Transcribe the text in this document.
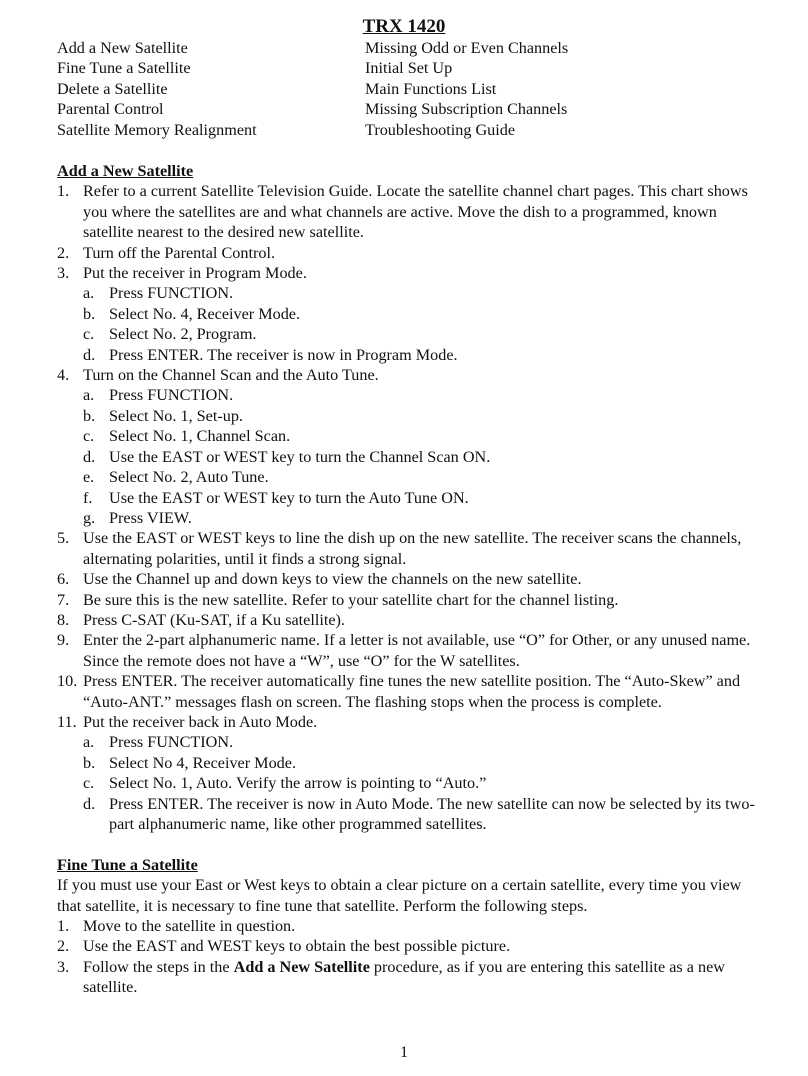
TRX 1420
Add a New Satellite	Missing Odd or Even Channels
Fine Tune a Satellite	Initial Set Up
Delete a Satellite	Main Functions List
Parental Control	Missing Subscription Channels
Satellite Memory Realignment	Troubleshooting Guide
Add a New Satellite
1. Refer to a current Satellite Television Guide. Locate the satellite channel chart pages. This chart shows you where the satellites are and what channels are active. Move the dish to a programmed, known satellite nearest to the desired new satellite.
2. Turn off the Parental Control.
3. Put the receiver in Program Mode.
a. Press FUNCTION.
b. Select No. 4, Receiver Mode.
c. Select No. 2, Program.
d. Press ENTER. The receiver is now in Program Mode.
4. Turn on the Channel Scan and the Auto Tune.
a. Press FUNCTION.
b. Select No. 1, Set-up.
c. Select No. 1, Channel Scan.
d. Use the EAST or WEST key to turn the Channel Scan ON.
e. Select No. 2, Auto Tune.
f. Use the EAST or WEST key to turn the Auto Tune ON.
g. Press VIEW.
5. Use the EAST or WEST keys to line the dish up on the new satellite. The receiver scans the channels, alternating polarities, until it finds a strong signal.
6. Use the Channel up and down keys to view the channels on the new satellite.
7. Be sure this is the new satellite. Refer to your satellite chart for the channel listing.
8. Press C-SAT (Ku-SAT, if a Ku satellite).
9. Enter the 2-part alphanumeric name. If a letter is not available, use “O” for Other, or any unused name. Since the remote does not have a “W”, use “O” for the W satellites.
10. Press ENTER. The receiver automatically fine tunes the new satellite position. The “Auto-Skew” and “Auto-ANT.” messages flash on screen. The flashing stops when the process is complete.
11. Put the receiver back in Auto Mode.
a. Press FUNCTION.
b. Select No 4, Receiver Mode.
c. Select No. 1, Auto. Verify the arrow is pointing to “Auto.”
d. Press ENTER. The receiver is now in Auto Mode. The new satellite can now be selected by its two-part alphanumeric name, like other programmed satellites.
Fine Tune a Satellite
If you must use your East or West keys to obtain a clear picture on a certain satellite, every time you view that satellite, it is necessary to fine tune that satellite. Perform the following steps.
1. Move to the satellite in question.
2. Use the EAST and WEST keys to obtain the best possible picture.
3. Follow the steps in the Add a New Satellite procedure, as if you are entering this satellite as a new satellite.
1
